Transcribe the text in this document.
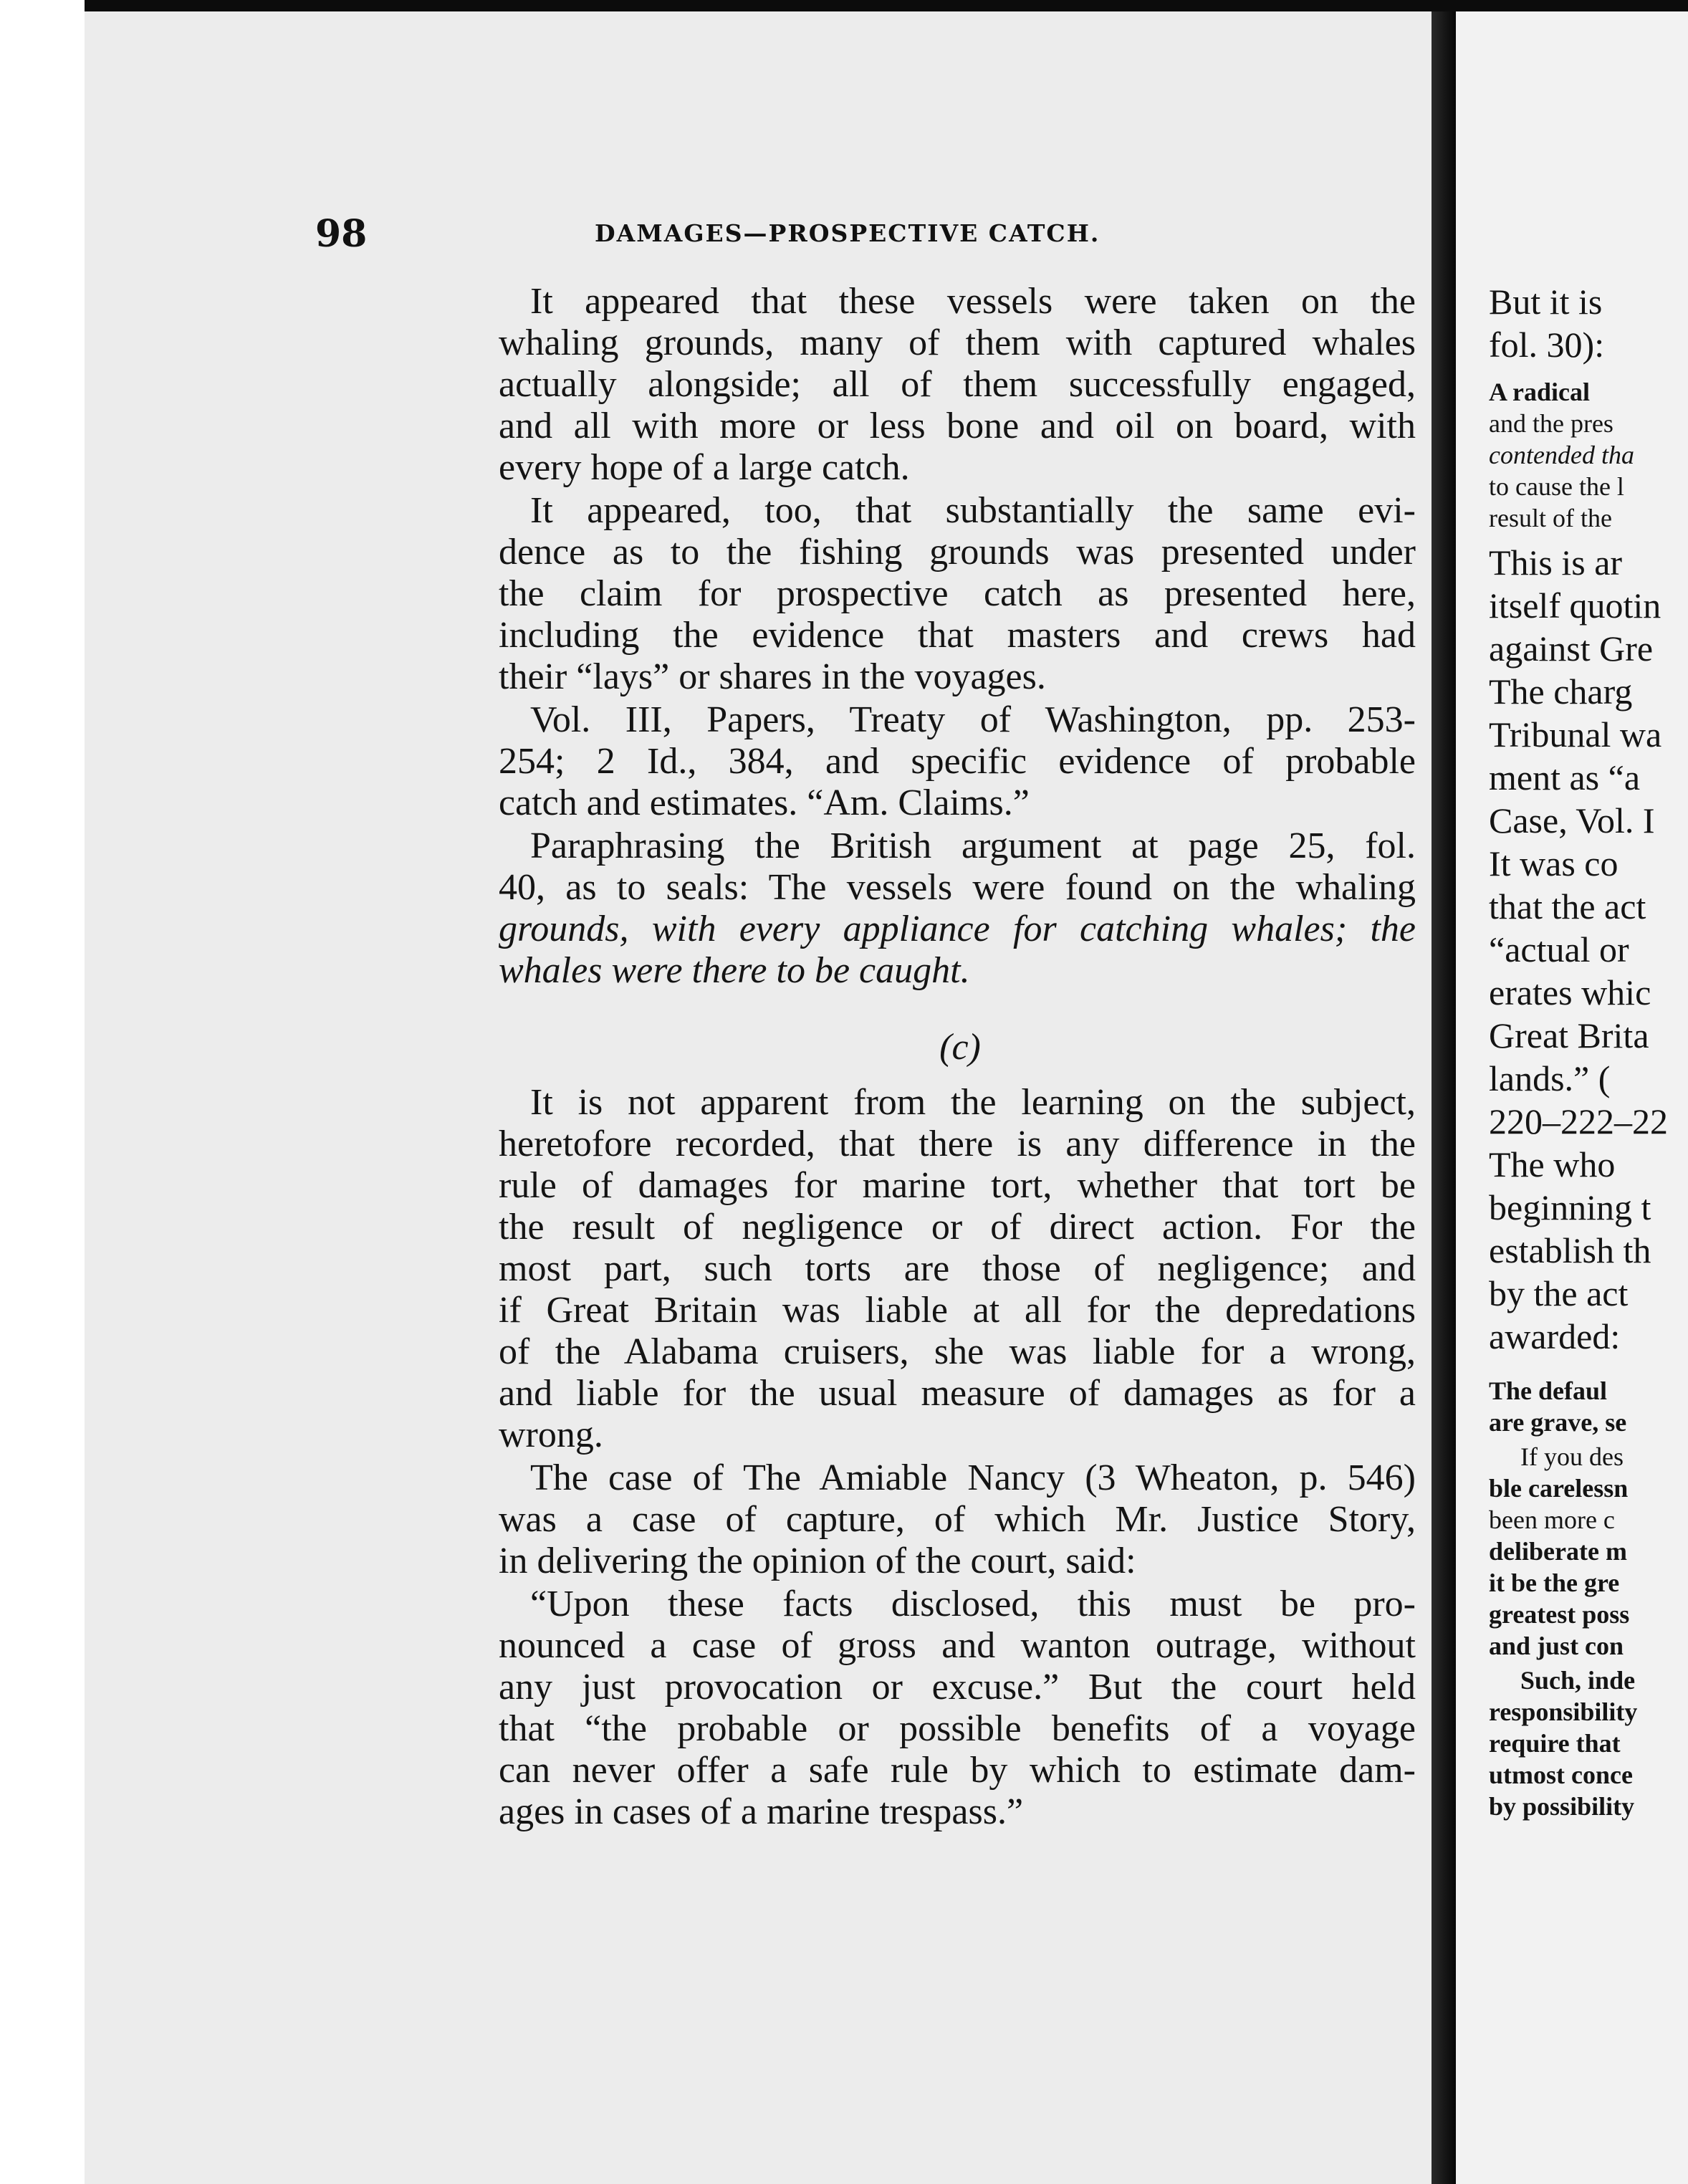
98	DAMAGES—PROSPECTIVE CATCH.
It appeared that these vessels were taken on the
whaling grounds, many of them with captured whales
actually alongside; all of them successfully engaged,
and all with more or less bone and oil on board, with
every hope of a large catch.
It appeared, too, that substantially the same evi-
dence as to the fishing grounds was presented under
the claim for prospective catch as presented here,
including the evidence that masters and crews had
their “lays” or shares in the voyages.
Vol. III, Papers, Treaty of Washington, pp. 253-
254; 2 Id., 384, and specific evidence of probable
catch and estimates. “Am. Claims.”
Paraphrasing the British argument at page 25, fol.
40, as to seals: The vessels were found on the whaling
grounds, with every appliance for catching whales; the
whales were there to be caught.
(c)
It is not apparent from the learning on the subject,
heretofore recorded, that there is any difference in the
rule of damages for marine tort, whether that tort be
the result of negligence or of direct action. For the
most part, such torts are those of negligence; and
if Great Britain was liable at all for the depredations
of the Alabama cruisers, she was liable for a wrong,
and liable for the usual measure of damages as for a
wrong.
The case of The Amiable Nancy (3 Wheaton, p. 546)
was a case of capture, of which Mr. Justice Story,
in delivering the opinion of the court, said:
“Upon these facts disclosed, this must be pro-
nounced a case of gross and wanton outrage, without
any just provocation or excuse.” But the court held
that “the probable or possible benefits of a voyage
can never offer a safe rule by which to estimate dam-
ages in cases of a marine trespass.”
But it is
fol. 30):
A radical
and the pres
contended tha
to cause the l
result of the
This is ar
itself quotin
against Gre
The charg
Tribunal wa
ment as “a
Case, Vol. I
It was co
that the act
“actual or
erates whic
Great Brita
lands.” (
220–222–22
The who
beginning t
establish th
by the act
awarded:
The defaul
are grave, se
If you des
ble carelessn
been more c
deliberate m
it be the gre
greatest poss
and just con
Such, inde
responsibility
require that
utmost conce
by possibility
